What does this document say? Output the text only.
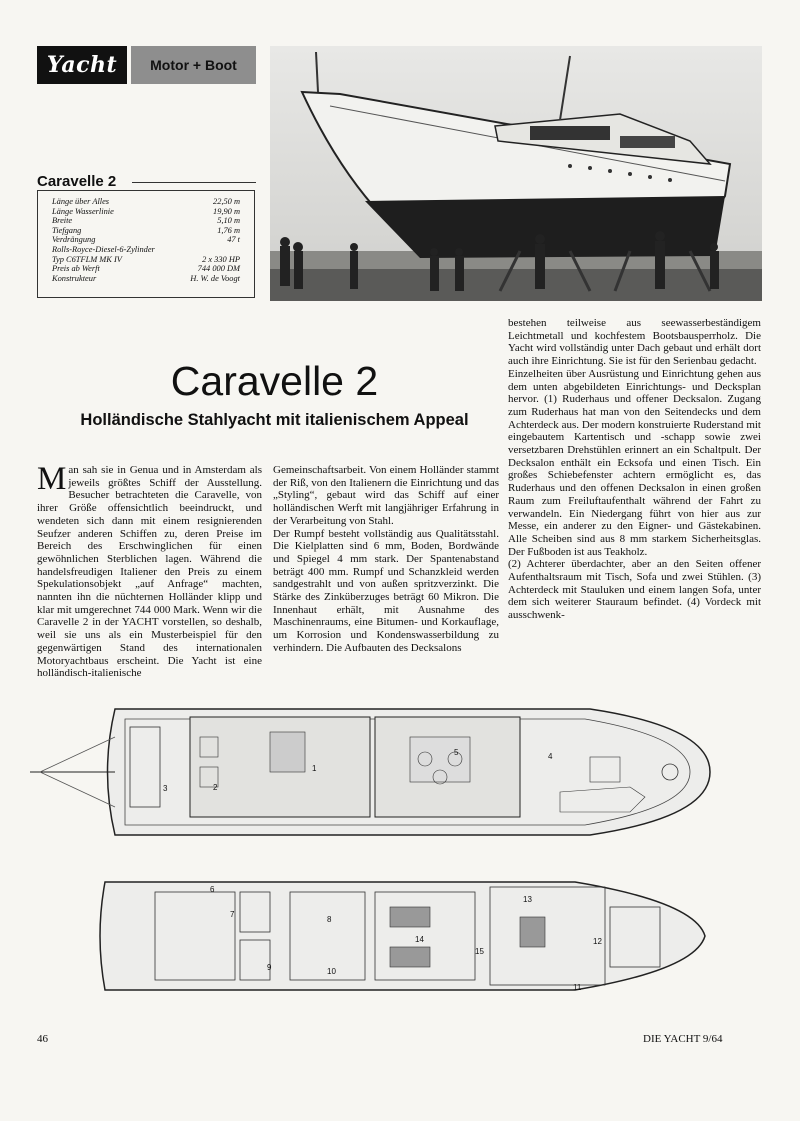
Yacht	Motor + Boot
Caravelle 2
Länge über Alles	22,50 m
Länge Wasserlinie	19,90 m
Breite	5,10 m
Tiefgang	1,76 m
Verdrängung	47 t
Rolls-Royce-Diesel-6-Zylinder
Typ C6TFLM MK IV	2 x 330 HP
Preis ab Werft	744 000 DM
Konstrukteur	H. W. de Voogt
Caravelle 2
Holländische Stahlyacht mit italienischem Appeal

Man sah sie in Genua und in Amsterdam als jeweils größtes Schiff der Ausstellung. Besucher betrachteten die Caravelle, von ihrer Größe offensichtlich beeindruckt, und wendeten sich dann mit einem resignierenden Seufzer anderen Schiffen zu, deren Preise im Bereich des Erschwinglichen für einen gewöhnlichen Sterblichen lagen. Während die handelsfreudigen Italiener den Preis zu einem Spekulationsobjekt „auf Anfrage“ machten, nannten ihn die nüchternen Holländer klipp und klar mit umgerechnet 744 000 Mark. Wenn wir die Caravelle 2 in der YACHT vorstellen, so deshalb, weil sie uns als ein Musterbeispiel für den gegenwärtigen Stand des internationalen Motoryachtbaus erscheint. Die Yacht ist eine holländisch-italienische

Gemeinschaftsarbeit. Von einem Holländer stammt der Riß, von den Italienern die Einrichtung und das „Styling“, gebaut wird das Schiff auf einer holländischen Werft mit langjähriger Erfahrung in der Verarbeitung von Stahl.

Der Rumpf besteht vollständig aus Qualitätsstahl. Die Kielplatten sind 6 mm, Boden, Bordwände und Spiegel 4 mm stark. Der Spantenabstand beträgt 400 mm. Rumpf und Schanzkleid werden sandgestrahlt und von außen spritzverzinkt. Die Stärke des Zinküberzuges beträgt 60 Mikron. Die Innenhaut erhält, mit Ausnahme des Maschinenraums, eine Bitumen- und Korkauflage, um Korrosion und Kondenswasserbildung zu verhindern. Die Aufbauten des Decksalons

bestehen teilweise aus seewasserbeständigem Leichtmetall und kochfestem Bootsbausperrholz. Die Yacht wird vollständig unter Dach gebaut und erhält dort auch ihre Einrichtung. Sie ist für den Serienbau gedacht.

Einzelheiten über Ausrüstung und Einrichtung gehen aus dem unten abgebildeten Einrichtungs- und Decksplan hervor. (1) Ruderhaus und offener Decksalon. Zugang zum Ruderhaus hat man von den Seitendecks und dem Achterdeck aus. Der modern konstruierte Ruderstand mit eingebautem Kartentisch und -schapp sowie zwei versetzbaren Drehstühlen erinnert an ein Schaltpult. Der Decksalon enthält ein Ecksofa und einen Tisch. Ein großes Schiebefenster achtern ermöglicht es, das Ruderhaus und den offenen Decksalon in einen großen Raum zum Freiluftaufenthalt während der Fahrt zu verwandeln. Ein Niedergang führt von hier aus zur Messe, ein anderer zu den Eigner- und Gästekabinen. Alle Scheiben sind aus 8 mm starkem Sicherheitsglas. Der Fußboden ist aus Teakholz.

(2) Achterer überdachter, aber an den Seiten offener Aufenthaltsraum mit Tisch, Sofa und zwei Stühlen. (3) Achterdeck mit Stauluken und einem langen Sofa, unter dem sich weiterer Stauraum befindet. (4) Vordeck mit ausschwenk-

1
2
3
4
5
6
7
8
9	10
11
12
13
14
15
46	DIE YACHT 9/64
